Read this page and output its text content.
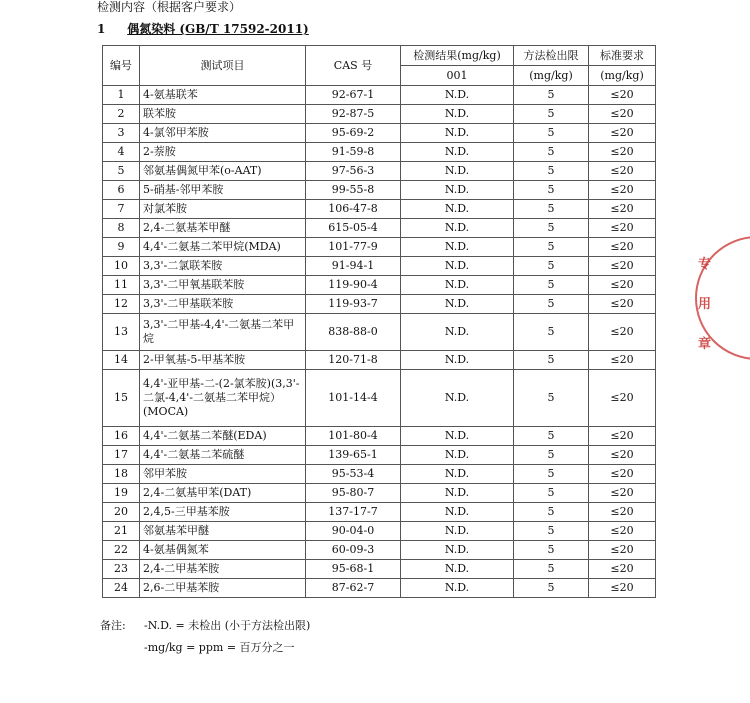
检测内容（根据客户要求）
1 偶氮染料 (GB/T 17592-2011)
编号	测试项目	CAS 号	检测结果(mg/kg)	方法检出限	标准要求
			001	(mg/kg)	(mg/kg)
1	4-氨基联苯	92-67-1	N.D.	5	≤20
2	联苯胺	92-87-5	N.D.	5	≤20
3	4-氯邻甲苯胺	95-69-2	N.D.	5	≤20
4	2-萘胺	91-59-8	N.D.	5	≤20
5	邻氨基偶氮甲苯(o-AAT)	97-56-3	N.D.	5	≤20
6	5-硝基-邻甲苯胺	99-55-8	N.D.	5	≤20
7	对氯苯胺	106-47-8	N.D.	5	≤20
8	2,4-二氨基苯甲醚	615-05-4	N.D.	5	≤20
9	4,4'-二氨基二苯甲烷(MDA)	101-77-9	N.D.	5	≤20
10	3,3'-二氯联苯胺	91-94-1	N.D.	5	≤20
11	3,3'-二甲氧基联苯胺	119-90-4	N.D.	5	≤20
12	3,3'-二甲基联苯胺	119-93-7	N.D.	5	≤20
13	3,3'-二甲基-4,4'-二氨基二苯甲烷	838-88-0	N.D.	5	≤20
14	2-甲氧基-5-甲基苯胺	120-71-8	N.D.	5	≤20
15	4,4'-亚甲基-二-(2-氯苯胺)(3,3'-二氯-4,4'-二氨基二苯甲烷）(MOCA)	101-14-4	N.D.	5	≤20
16	4,4'-二氨基二苯醚(EDA)	101-80-4	N.D.	5	≤20
17	4,4'-二氨基二苯硫醚	139-65-1	N.D.	5	≤20
18	邻甲苯胺	95-53-4	N.D.	5	≤20
19	2,4-二氨基甲苯(DAT)	95-80-7	N.D.	5	≤20
20	2,4,5-三甲基苯胺	137-17-7	N.D.	5	≤20
21	邻氨基苯甲醚	90-04-0	N.D.	5	≤20
22	4-氨基偶氮苯	60-09-3	N.D.	5	≤20
23	2,4-二甲基苯胺	95-68-1	N.D.	5	≤20
24	2,6-二甲基苯胺	87-62-7	N.D.	5	≤20
备注: -N.D. = 未检出 (小于方法检出限)
-mg/kg = ppm = 百万分之一
专用章
